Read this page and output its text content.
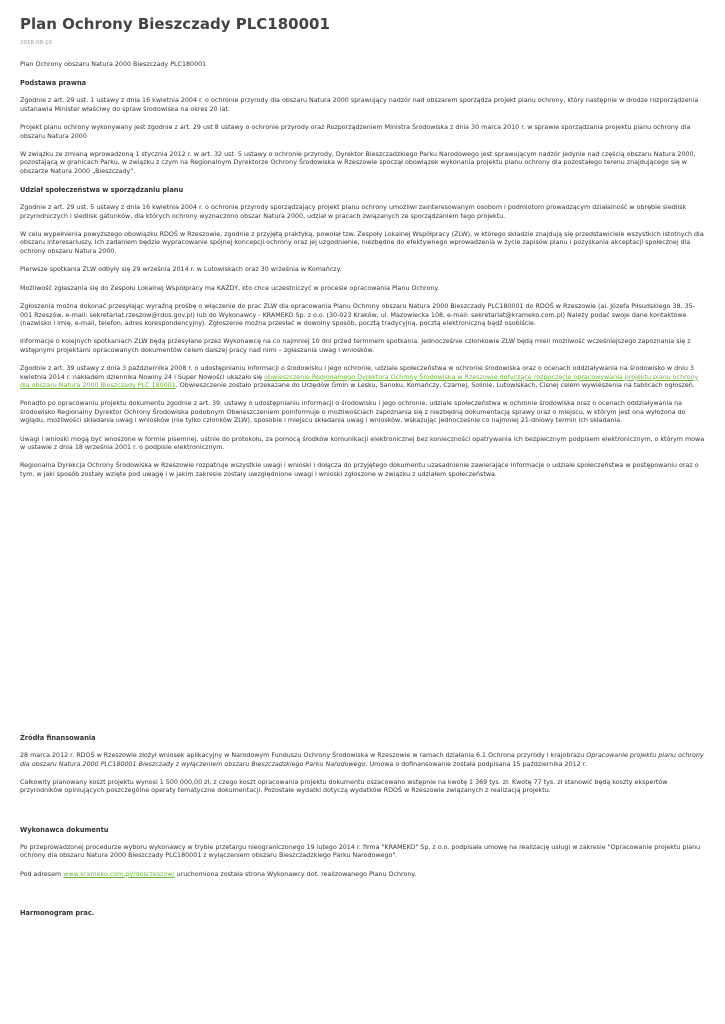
Plan Ochrony Bieszczady PLC180001
2016-08-10

Plan Ochrony obszaru Natura 2000 Bieszczady PLC180001

Podstawa prawna

Zgodnie z art. 29 ust. 1 ustawy z dnia 16 kwietnia 2004 r. o ochronie przyrody dla obszaru Natura 2000 sprawujący nadzór nad obszarem sporządza projekt planu ochrony, który następnie w drodze rozporządzenia ustanawia Minister właściwy do spraw środowiska na okres 20 lat.

Projekt planu ochrony wykonywany jest zgodnie z art. 29 ust 8 ustawy o ochronie przyrody oraz Rozporządzeniem Ministra Środowiska z dnia 30 marca 2010 r. w sprawie sporządzania projektu planu ochrony dla obszaru Natura 2000

W związku ze zmianą wprowadzoną 1 stycznia 2012 r. w art. 32 ust. 5 ustawy o ochronie przyrody, Dyrektor Bieszczadzkiego Parku Narodowego jest sprawującym nadzór jedynie nad częścią obszaru Natura 2000, pozostającą w granicach Parku, w związku z czym na Regionalnym Dyrektorze Ochrony Środowiska w Rzeszowie spoczął obowiązek wykonania projektu planu ochrony dla pozostałego terenu znajdującego się w obszarze Natura 2000 „Bieszczady".

Udział społeczeństwa w sporządzaniu planu

Zgodnie z art. 29 ust. 5 ustawy z dnia 16 kwietnia 2004 r. o ochronie przyrody sporządzający projekt planu ochrony umożliwi zainteresowanym osobom i podmiotom prowadzącym działalność w obrębie siedlisk przyrodniczych i siedlisk gatunków, dla których ochrony wyznaczono obszar Natura 2000, udział w pracach związanych ze sporządzaniem tego projektu.

W celu wypełnienia powyższego obowiązku RDOŚ w Rzeszowie, zgodnie z przyjętą praktyką, powołał tzw. Zespoły Lokalnej Współpracy (ZLW), w którego składzie znajdują się przedstawiciele wszystkich istotnych dla obszaru interesariuszy. Ich zadaniem będzie wypracowanie spójnej koncepcji ochrony oraz jej uzgodnienie, niezbędne do efektywnego wprowadzenia w życie zapisów planu i pozyskania akceptacji społecznej dla ochrony obszaru Natura 2000.

Pierwsze spotkania ZLW odbyły się 29 września 2014 r. w Lutowiskach oraz 30 września w Komańczy.

Możliwość zgłaszania się do Zespołu Lokalnej Współpracy ma KAŻDY, kto chce uczestniczyć w procesie opracowania Planu Ochrony.

Zgłoszenia można dokonać przesyłając wyraźną prośbę o włączenie do prac ZLW dla opracowania Planu Ochrony obszaru Natura 2000 Bieszczady PLC180001 do RDOŚ w Rzeszowie (al. Józefa Piłsudskiego 38, 35-001 Rzeszów, e-mail: sekretariat.rzeszow@rdos.gov.pl) lub do Wykonawcy - KRAMEKO Sp. z o.o. (30-023 Kraków, ul. Mazowiecka 108, e-mail: sekretariat@krameko.com.pl) Należy podać swoje dane kontaktowe (nazwisko i imię, e-mail, telefon, adres korespondencyjny). Zgłoszenie można przesłać w dowolny sposób, pocztą tradycyjną, pocztą elektroniczną bądź osobiście.

Informacje o kolejnych spotkaniach ZLW będą przesyłane przez Wykonawcę na co najmniej 10 dni przed terminem spotkania. Jednocześnie członkowie ZLW będą mieli możliwość wcześniejszego zapoznania się z wstępnymi projektami opracowanych dokumentów celem dalszej pracy nad nimi – zgłaszania uwag i wniosków.

Zgodnie z art. 39 ustawy z dnia 3 października 2008 r. o udostępnianiu informacji o środowisku i jego ochronie, udziale społeczeństwa w ochronie środowiska oraz o ocenach oddziaływania na środowisko w dniu 3 kwietnia 2014 r. nakładem dziennika Nowiny 24 i Super Nowości ukazało się obwieszczenie Regionalnego Dyrektora Ochrony Środowiska w Rzeszowie dotyczące rozpoczęcie opracowywania projektu planu ochrony dla obszaru Natura 2000 Bieszczady PLC 180001. Obwieszczenie zostało przekazane do Urzędów Gmin w Lesku, Sanoku, Komańczy, Czarnej, Solinie, Lutowiskach, Cisnej celem wywieszenia na tablicach ogłoszeń.

Ponadto po opracowaniu projektu dokumentu zgodnie z art. 39. ustawy o udostępnianiu informacji o środowisku i jego ochronie, udziale społeczeństwa w ochronie środowiska oraz o ocenach oddziaływania na środowisko Regionalny Dyrektor Ochrony Środowiska podobnym Obwieszczeniem poinformuje o możliwościach zapoznania się z niezbędną dokumentacją sprawy oraz o miejscu, w którym jest ona wyłożona do wglądu, możliwości składania uwag i wniosków (nie tylko członków ZLW), sposobie i miejscu składania uwag i wniosków, wskazując jednocześnie co najmniej 21-dniowy termin ich składania.

Uwagi i wnioski mogą być wnoszone w formie pisemnej, ustnie do protokołu, za pomocą środków komunikacji elektronicznej bez konieczności opatrywania ich bezpiecznym podpisem elektronicznym, o którym mowa w ustawie z dnia 18 września 2001 r. o podpisie elektronicznym.

Regionalna Dyrekcja Ochrony Środowiska w Rzeszowie rozpatruje wszystkie uwagi i wnioski i dołącza do przyjętego dokumentu uzasadnienie zawierające informacje o udziale społeczeństwa w postępowaniu oraz o tym, w jaki sposób zostały wzięte pod uwagę i w jakim zakresie zostały uwzględnione uwagi i wnioski zgłoszone w związku z udziałem społeczeństwa.

Źródła finansowania

28 marca 2012 r. RDOŚ w Rzeszowie złożył wniosek aplikacyjny w Narodowym Funduszu Ochrony Środowiska w Rzeszowie w ramach działania 6.1 Ochrona przyrody i krajobrazu Opracowanie projektu planu ochrony dla obszaru Natura 2000 PLC180001 Bieszczady z wyłączeniem obszaru Bieszczadzkiego Parku Narodowego. Umowa o dofinansowanie została podpisana 15 października 2012 r.

Całkowity planowany koszt projektu wynosi 1 500 000,00 zł, z czego koszt opracowania projektu dokumentu oszacowano wstępnie na kwotę 1 369 tys. zł. Kwotę 77 tys. zł stanowić będą koszty ekspertów przyrodników opiniujących poszczególne operaty tematyczne dokumentacji. Pozostałe wydatki dotyczą wydatków RDOŚ w Rzeszowie związanych z realizacją projektu.

Wykonawca dokumentu

Po przeprowadzonej procedurze wyboru wykonawcy w trybie przetargu nieograniczonego 19 lutego 2014 r. firma "KRAMEKO" Sp. z o.o. podpisała umowę na realizację usługi w zakresie "Opracowanie projektu planu ochrony dla obszaru Natura 2000 Bieszczady PLC180001 z wyłączeniem obszaru Bieszczadzkiego Parku Narodowego".

Pod adresem www.krameko.com.pl/rdosrzeszow/ uruchomiona została strona Wykonawcy dot. realizowanego Planu Ochrony.

Harmonogram prac.
